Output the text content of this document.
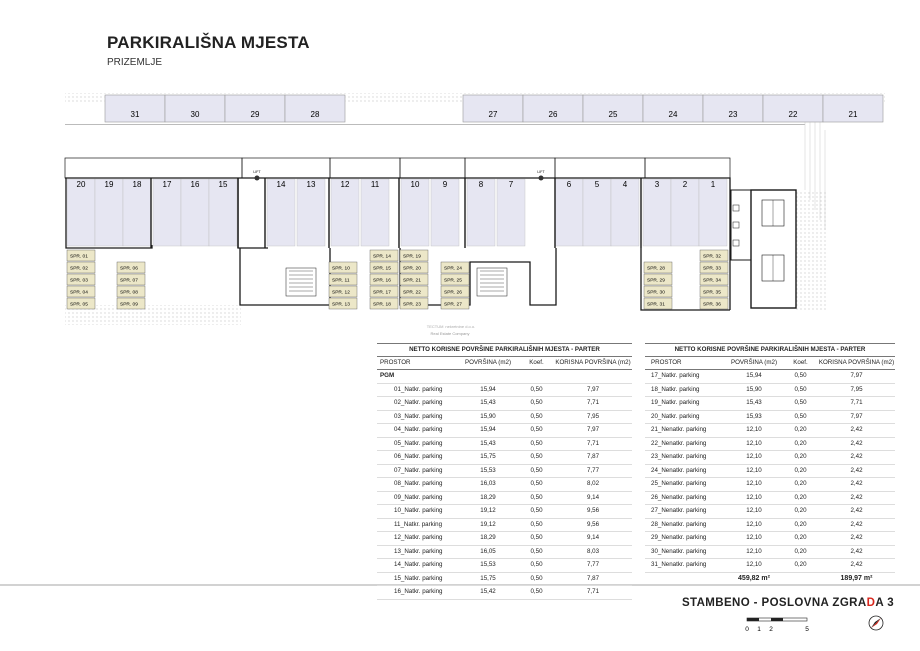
PARKIRALIŠNA MJESTA
PRIZEMLJE
31	30	29	28	27	26	25	24	23	22	21
20 19 18	17 16 15	14	13	12	11	10	9	8	7	6	5	4	3	2	1
SPR. 01
SPR. 02
SPR. 03
SPR. 04
SPR. 05
SPR. 06
SPR. 07
SPR. 08
SPR. 09
SPR. 10
SPR. 11
SPR. 12
SPR. 13
SPR. 14
SPR. 15
SPR. 16
SPR. 17
SPR. 18
SPR. 19
SPR. 20
SPR. 21
SPR. 22
SPR. 23
SPR. 24
SPR. 25
SPR. 26
SPR. 27
SPR. 28
SPR. 29
SPR. 30
SPR. 31
SPR. 32
SPR. 33
SPR. 34
SPR. 35
SPR. 36
LIFT	LIFT
0 1 2	5
TECTUM nekretnine d.o.o.
Real Estate Company
NETTO KORISNE POVRŠINE PARKIRALIŠNIH MJESTA - PARTER			
PROSTOR	POVRŠINA (m2)	Koef.	KORISNA POVRŠINA (m2)
PGM			
01_Natkr. parking	15,94	0,50	7,97
02_Natkr. parking	15,43	0,50	7,71
03_Natkr. parking	15,90	0,50	7,95
04_Natkr. parking	15,94	0,50	7,97
05_Natkr. parking	15,43	0,50	7,71
06_Natkr. parking	15,75	0,50	7,87
07_Natkr. parking	15,53	0,50	7,77
08_Natkr. parking	16,03	0,50	8,02
09_Natkr. parking	18,29	0,50	9,14
10_Natkr. parking	19,12	0,50	9,56
11_Natkr. parking	19,12	0,50	9,56
12_Natkr. parking	18,29	0,50	9,14
13_Natkr. parking	16,05	0,50	8,03
14_Natkr. parking	15,53	0,50	7,77
15_Natkr. parking	15,75	0,50	7,87
16_Natkr. parking	15,42	0,50	7,71
NETTO KORISNE POVRŠINE PARKIRALIŠNIH MJESTA - PARTER			
PROSTOR	POVRŠINA (m2)	Koef.	KORISNA POVRŠINA (m2)
17_Natkr. parking	15,94	0,50	7,97
18_Natkr. parking	15,90	0,50	7,95
19_Natkr. parking	15,43	0,50	7,71
20_Natkr. parking	15,93	0,50	7,97
21_Nenatkr. parking	12,10	0,20	2,42
22_Nenatkr. parking	12,10	0,20	2,42
23_Nenatkr. parking	12,10	0,20	2,42
24_Nenatkr. parking	12,10	0,20	2,42
25_Nenatkr. parking	12,10	0,20	2,42
26_Nenatkr. parking	12,10	0,20	2,42
27_Nenatkr. parking	12,10	0,20	2,42
28_Nenatkr. parking	12,10	0,20	2,42
29_Nenatkr. parking	12,10	0,20	2,42
30_Nenatkr. parking	12,10	0,20	2,42
31_Nenatkr. parking	12,10	0,20	2,42
	459,82 m²		189,97 m²
STAMBENO - POSLOVNA ZGRADA 3
